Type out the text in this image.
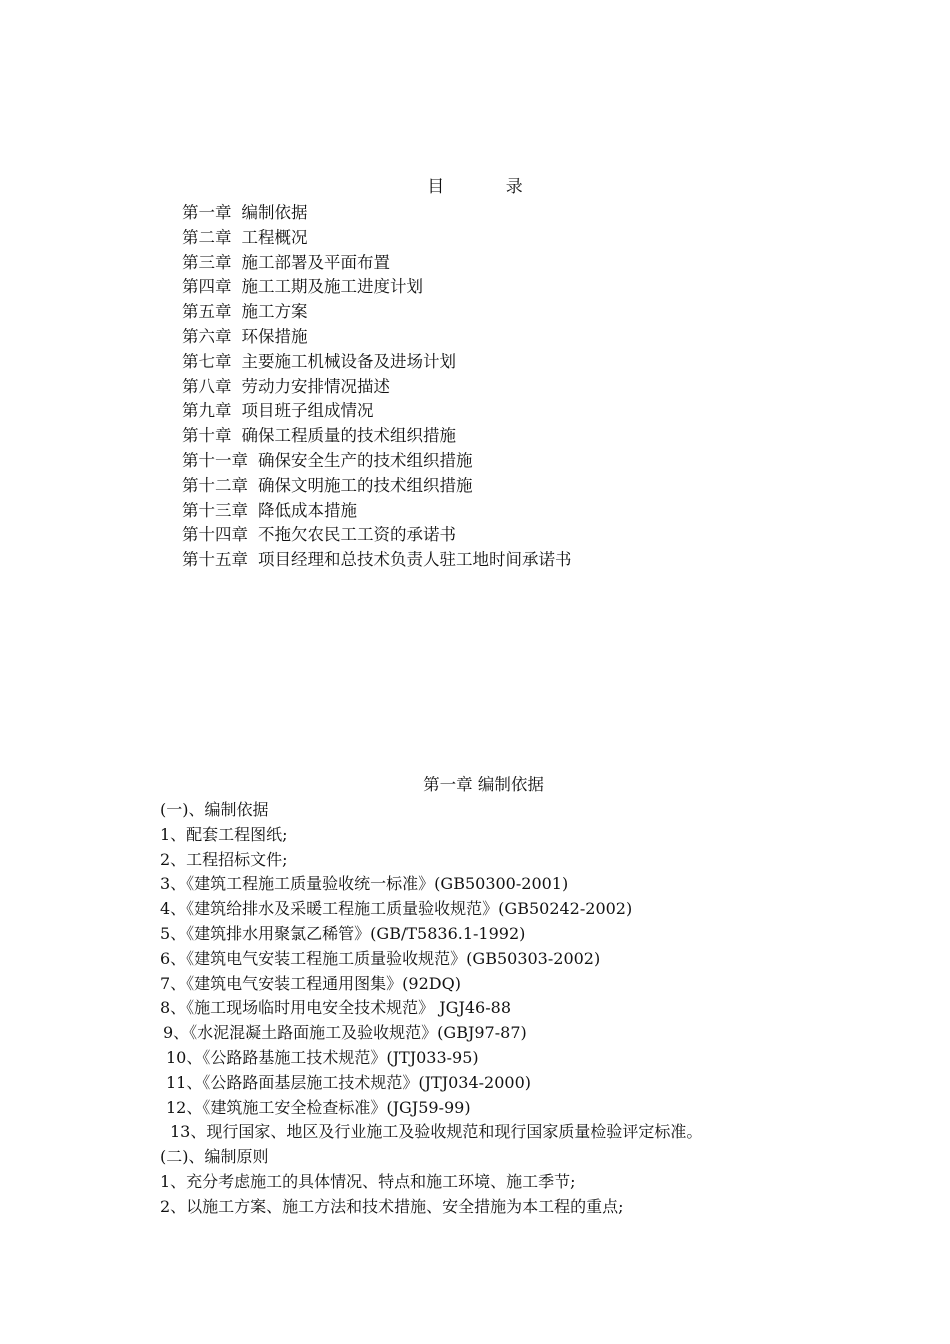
目 录
第一章 编制依据
第二章 工程概况
第三章 施工部署及平面布置
第四章 施工工期及施工进度计划
第五章 施工方案
第六章 环保措施
第七章 主要施工机械设备及进场计划
第八章 劳动力安排情况描述
第九章 项目班子组成情况
第十章 确保工程质量的技术组织措施
第十一章 确保安全生产的技术组织措施
第十二章 确保文明施工的技术组织措施
第十三章 降低成本措施
第十四章 不拖欠农民工工资的承诺书
第十五章 项目经理和总技术负责人驻工地时间承诺书
第一章 编制依据
(一)、编制依据
1、配套工程图纸;
2、工程招标文件;
3、《建筑工程施工质量验收统一标准》(GB50300-2001)
4、《建筑给排水及采暖工程施工质量验收规范》(GB50242-2002)
5、《建筑排水用聚氯乙稀管》(GB/T5836.1-1992)
6、《建筑电气安装工程施工质量验收规范》(GB50303-2002)
7、《建筑电气安装工程通用图集》(92DQ)
8、《施工现场临时用电安全技术规范》 JGJ46-88
9、《水泥混凝土路面施工及验收规范》(GBJ97-87)
10、《公路路基施工技术规范》(JTJ033-95)
11、《公路路面基层施工技术规范》(JTJ034-2000)
12、《建筑施工安全检查标准》(JGJ59-99)
13、现行国家、地区及行业施工及验收规范和现行国家质量检验评定标准。
(二)、编制原则
1、充分考虑施工的具体情况、特点和施工环境、施工季节;
2、以施工方案、施工方法和技术措施、安全措施为本工程的重点;
